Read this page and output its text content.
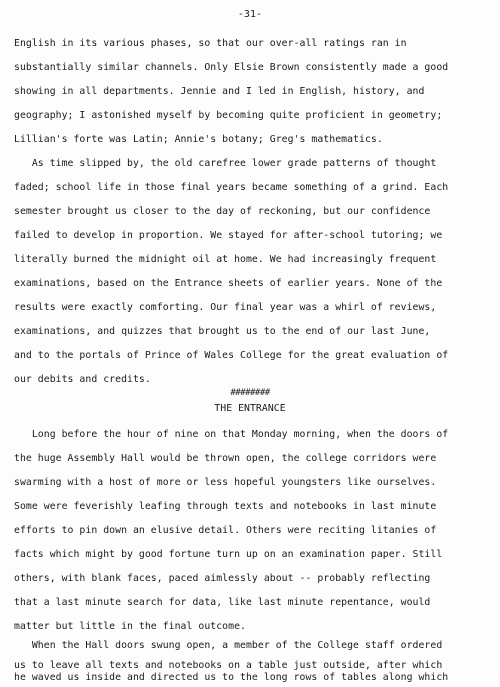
-31-
English in its various phases, so that our over-all ratings ran in
substantially similar channels. Only Elsie Brown consistently made a good
showing in all departments. Jennie and I led in English, history, and
geography; I astonished myself by becoming quite proficient in geometry;
Lillian's forte was Latin; Annie's botany; Greg's mathematics.
As time slipped by, the old carefree lower grade patterns of thought
faded; school life in those final years became something of a grind. Each
semester brought us closer to the day of reckoning, but our confidence
failed to develop in proportion. We stayed for after-school tutoring; we
literally burned the midnight oil at home. We had increasingly frequent
examinations, based on the Entrance sheets of earlier years. None of the
results were exactly comforting. Our final year was a whirl of reviews,
examinations, and quizzes that brought us to the end of our last June,
and to the portals of Prince of Wales College for the great evaluation of
our debits and credits.
########
THE ENTRANCE
Long before the hour of nine on that Monday morning, when the doors of
the huge Assembly Hall would be thrown open, the college corridors were
swarming with a host of more or less hopeful youngsters like ourselves.
Some were feverishly leafing through texts and notebooks in last minute
efforts to pin down an elusive detail. Others were reciting litanies of
facts which might by good fortune turn up on an examination paper. Still
others, with blank faces, paced aimlessly about -- probably reflecting
that a last minute search for data, like last minute repentance, would
matter but little in the final outcome.
When the Hall doors swung open, a member of the College staff ordered
us to leave all texts and notebooks on a table just outside, after which
he waved us inside and directed us to the long rows of tables along which
